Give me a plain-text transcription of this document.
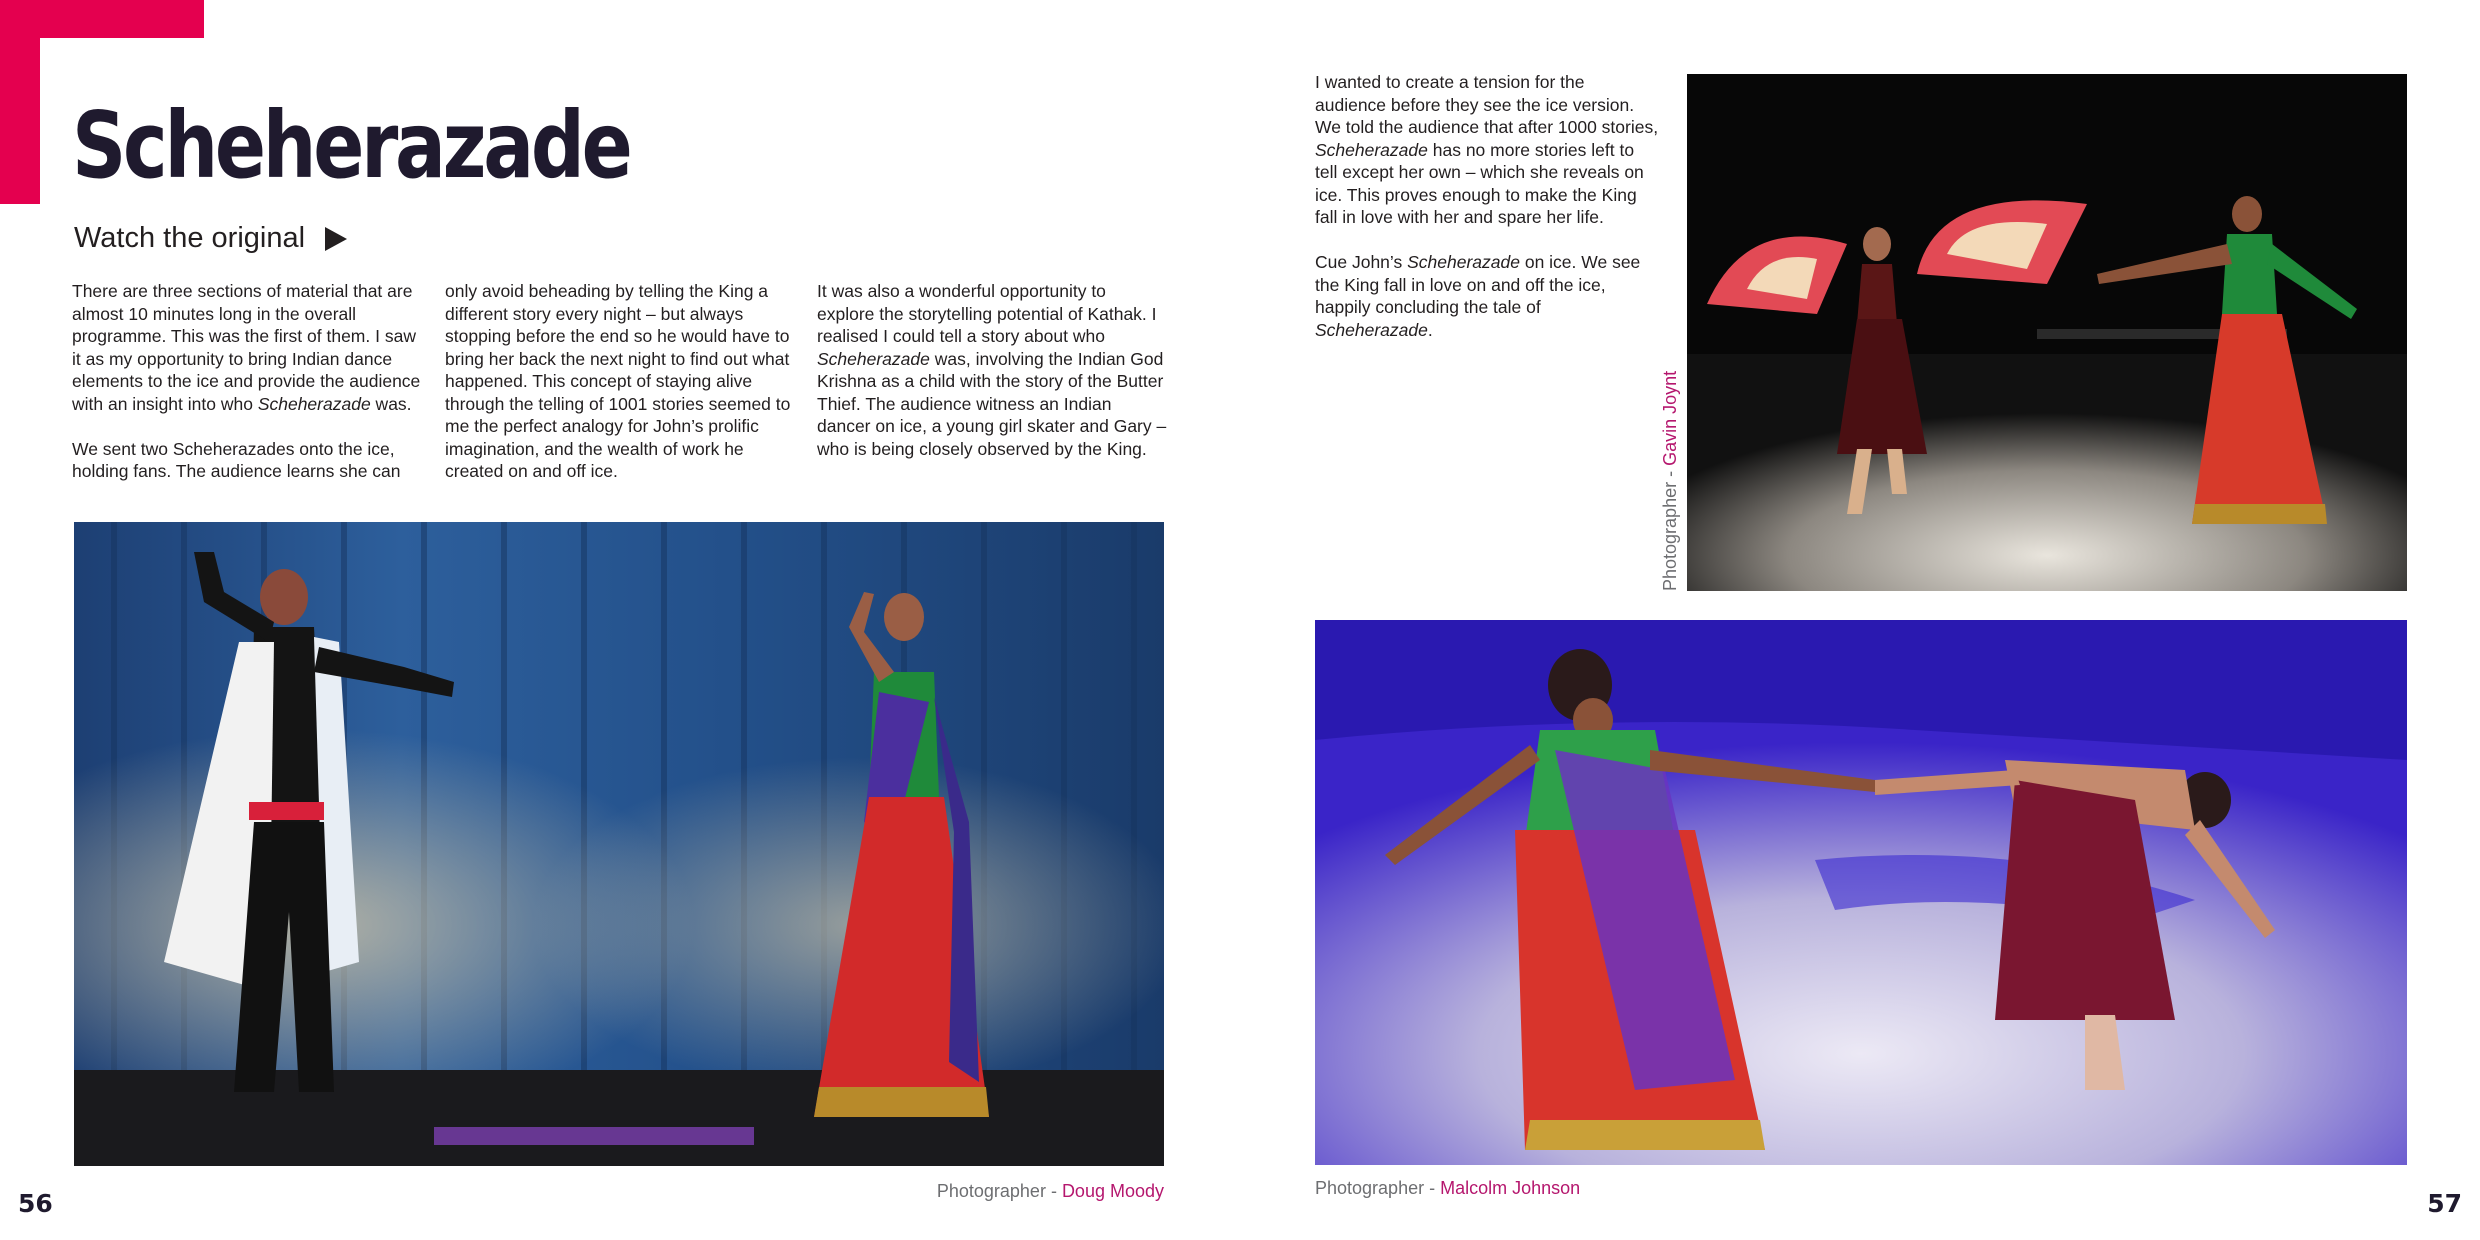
Scheherazade
Watch the original

There are three sections of material that are almost 10 minutes long in the overall programme. This was the first of them. I saw it as my opportunity to bring Indian dance elements to the ice and provide the audience with an insight into who Scheherazade was.

We sent two Scheherazades onto the ice, holding fans. The audience learns she can

only avoid beheading by telling the King a different story every night – but always stopping before the end so he would have to bring her back the next night to find out what happened. This concept of staying alive through the telling of 1001 stories seemed to me the perfect analogy for John’s prolific imagination, and the wealth of work he created on and off ice.

It was also a wonderful opportunity to explore the storytelling potential of Kathak. I realised I could tell a story about who Scheherazade was, involving the Indian God Krishna as a child with the story of the Butter Thief. The audience witness an Indian dancer on ice, a young girl skater and Gary – who is being closely observed by the King.

Photographer - Doug Moody
56

I wanted to create a tension for the audience before they see the ice version. We told the audience that after 1000 stories, Scheherazade has no more stories left to tell except her own – which she reveals on ice. This proves enough to make the King fall in love with her and spare her life.

Cue John’s Scheherazade on ice. We see the King fall in love on and off the ice, happily concluding the tale of Scheherazade.

Photographer - Gavin Joynt
Photographer - Malcolm Johnson
57
